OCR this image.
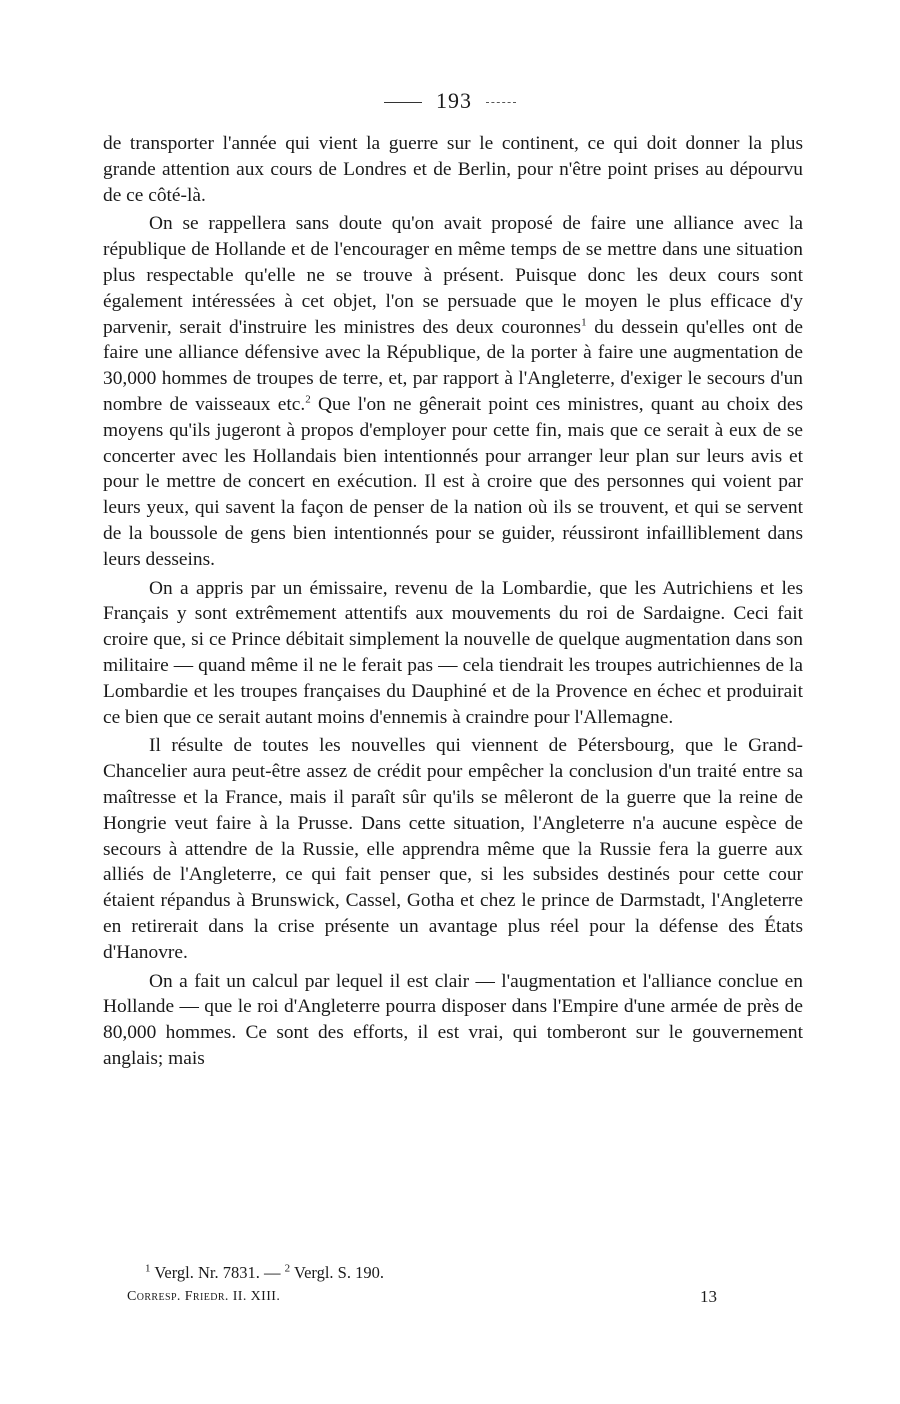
193

de transporter l'année qui vient la guerre sur le continent, ce qui doit donner la plus grande attention aux cours de Londres et de Berlin, pour n'être point prises au dépourvu de ce côté-là.

On se rappellera sans doute qu'on avait proposé de faire une alliance avec la république de Hollande et de l'encourager en même temps de se mettre dans une situation plus respectable qu'elle ne se trouve à présent. Puisque donc les deux cours sont également intéressées à cet objet, l'on se persuade que le moyen le plus efficace d'y parvenir, serait d'instruire les ministres des deux couronnes$^1$ du dessein qu'elles ont de faire une alliance défensive avec la République, de la porter à faire une augmentation de 30,000 hommes de troupes de terre, et, par rapport à l'Angleterre, d'exiger le secours d'un nombre de vaisseaux etc.$^2$ Que l'on ne gênerait point ces ministres, quant au choix des moyens qu'ils jugeront à propos d'employer pour cette fin, mais que ce serait à eux de se concerter avec les Hollandais bien intentionnés pour arranger leur plan sur leurs avis et pour le mettre de concert en exécution. Il est à croire que des personnes qui voient par leurs yeux, qui savent la façon de penser de la nation où ils se trouvent, et qui se servent de la boussole de gens bien intentionnés pour se guider, réussiront infailliblement dans leurs desseins.

On a appris par un émissaire, revenu de la Lombardie, que les Autrichiens et les Français y sont extrêmement attentifs aux mouvements du roi de Sardaigne. Ceci fait croire que, si ce Prince débitait simplement la nouvelle de quelque augmentation dans son militaire — quand même il ne le ferait pas — cela tiendrait les troupes autrichiennes de la Lombardie et les troupes françaises du Dauphiné et de la Provence en échec et produirait ce bien que ce serait autant moins d'ennemis à craindre pour l'Allemagne.

Il résulte de toutes les nouvelles qui viennent de Pétersbourg, que le Grand-Chancelier aura peut-être assez de crédit pour empêcher la conclusion d'un traité entre sa maîtresse et la France, mais il paraît sûr qu'ils se mêleront de la guerre que la reine de Hongrie veut faire à la Prusse. Dans cette situation, l'Angleterre n'a aucune espèce de secours à attendre de la Russie, elle apprendra même que la Russie fera la guerre aux alliés de l'Angleterre, ce qui fait penser que, si les subsides destinés pour cette cour étaient répandus à Brunswick, Cassel, Gotha et chez le prince de Darmstadt, l'Angleterre en retirerait dans la crise présente un avantage plus réel pour la défense des États d'Hanovre.

On a fait un calcul par lequel il est clair — l'augmentation et l'alliance conclue en Hollande — que le roi d'Angleterre pourra disposer dans l'Empire d'une armée de près de 80,000 hommes. Ce sont des efforts, il est vrai, qui tomberont sur le gouvernement anglais; mais

$^1$ Vergl. Nr. 7831. — $^2$ Vergl. S. 190.
Corresp. Friedr. II. XIII.	13
